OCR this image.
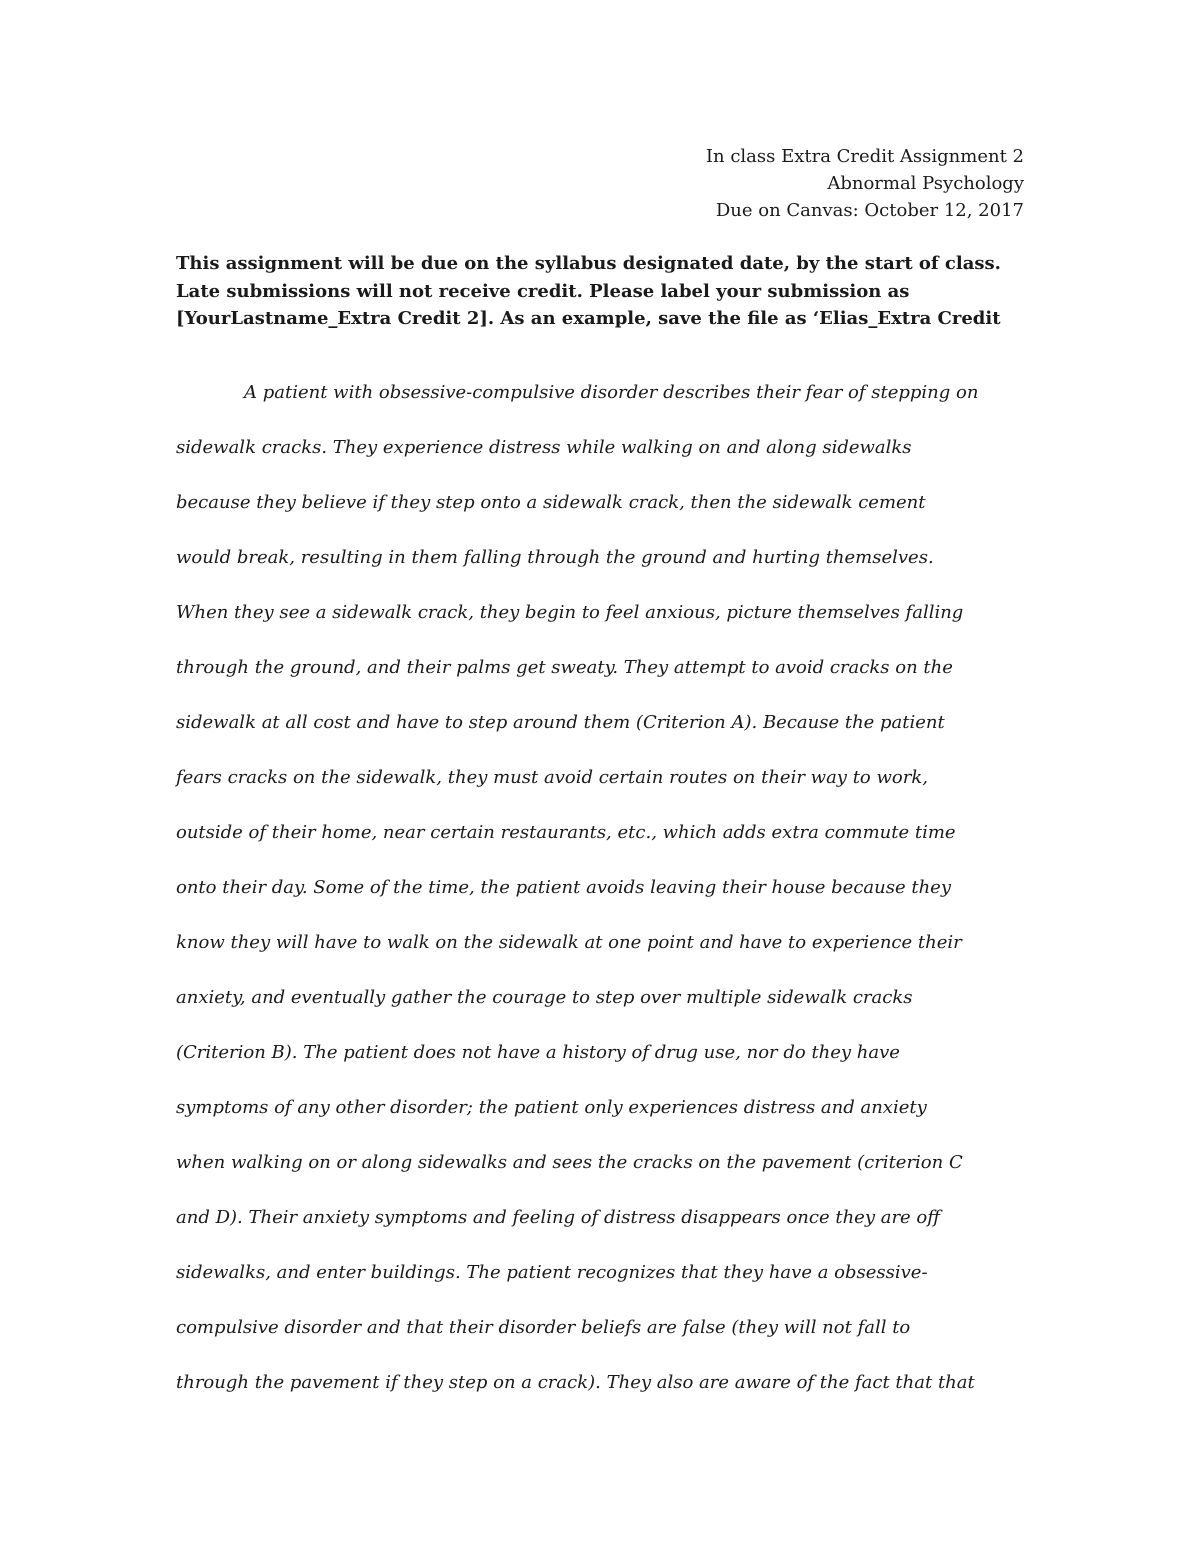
In class Extra Credit Assignment 2
Abnormal Psychology
Due on Canvas: October 12, 2017
This assignment will be due on the syllabus designated date, by the start of class.
Late submissions will not receive credit. Please label your submission as
[YourLastname_Extra Credit 2]. As an example, save the file as ‘Elias_Extra Credit
A patient with obsessive-compulsive disorder describes their fear of stepping on
sidewalk cracks. They experience distress while walking on and along sidewalks
because they believe if they step onto a sidewalk crack, then the sidewalk cement
would break, resulting in them falling through the ground and hurting themselves.
When they see a sidewalk crack, they begin to feel anxious, picture themselves falling
through the ground, and their palms get sweaty. They attempt to avoid cracks on the
sidewalk at all cost and have to step around them (Criterion A). Because the patient
fears cracks on the sidewalk, they must avoid certain routes on their way to work,
outside of their home, near certain restaurants, etc., which adds extra commute time
onto their day. Some of the time, the patient avoids leaving their house because they
know they will have to walk on the sidewalk at one point and have to experience their
anxiety, and eventually gather the courage to step over multiple sidewalk cracks
(Criterion B). The patient does not have a history of drug use, nor do they have
symptoms of any other disorder; the patient only experiences distress and anxiety
when walking on or along sidewalks and sees the cracks on the pavement (criterion C
and D). Their anxiety symptoms and feeling of distress disappears once they are off
sidewalks, and enter buildings. The patient recognizes that they have a obsessive-
compulsive disorder and that their disorder beliefs are false (they will not fall to
through the pavement if they step on a crack). They also are aware of the fact that that
